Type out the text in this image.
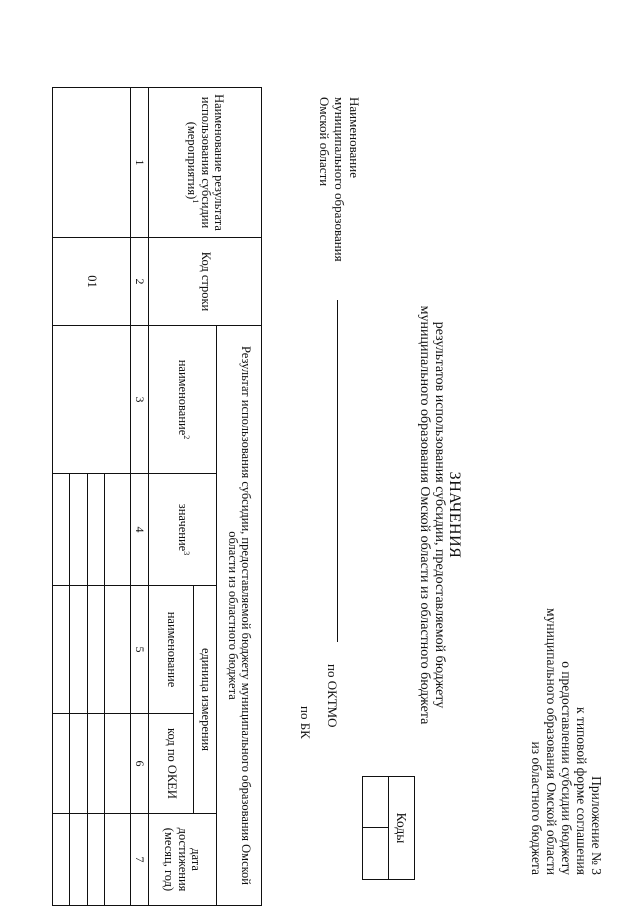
Приложение № 3
к типовой форме соглашения
о предоставлении субсидии бюджету
муниципального образования Омской области
из областного бюджета
ЗНАЧЕНИЯ
результатов использования субсидии, предоставляемой бюджету
муниципального образования Омской области из областного бюджета
Наименование
муниципального образования
Омской области
по ОКТМО
по БК
Коды

Наименование результата использования субсидии (мероприятия)$^1$	Код строки	Результат использования субсидии, предоставляемой бюджету муниципального образования Омской области из областного бюджета				
		наименование$^2$	значение$^3$	единица измерения		дата достижения (месяц, год)
				наименование	код по ОКЕИ	
1	2	3	4	5	6	7
	01					
